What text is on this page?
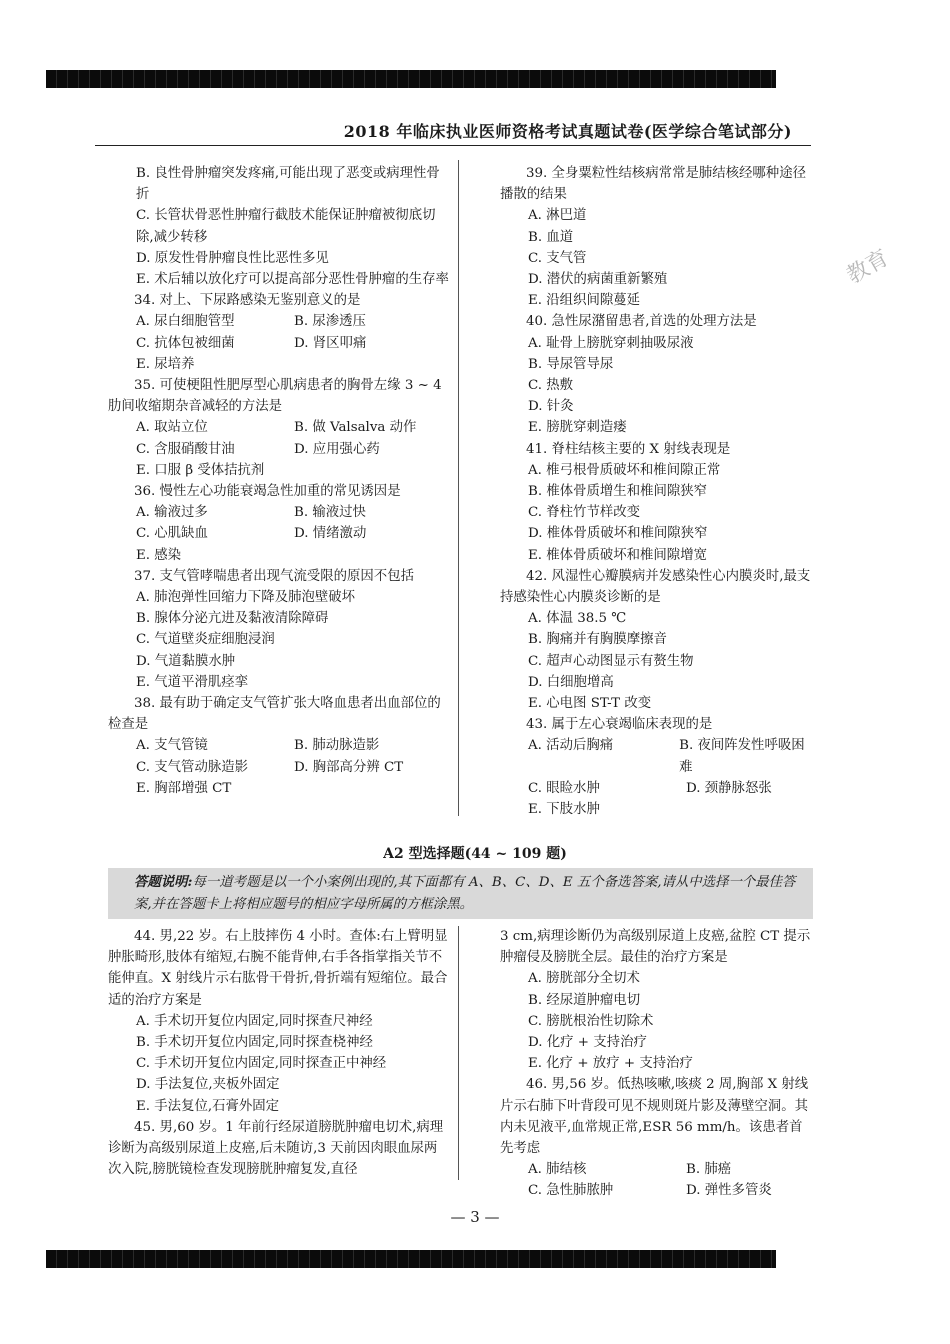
2018 年临床执业医师资格考试真题试卷(医学综合笔试部分)
教育
B. 良性骨肿瘤突发疼痛,可能出现了恶变或病理性骨折
C. 长管状骨恶性肿瘤行截肢术能保证肿瘤被彻底切除,减少转移
D. 原发性骨肿瘤良性比恶性多见
E. 术后辅以放化疗可以提高部分恶性骨肿瘤的生存率
34. 对上、下尿路感染无鉴别意义的是
A. 尿白细胞管型	B. 尿渗透压
C. 抗体包被细菌	D. 肾区叩痛
E. 尿培养
35. 可使梗阻性肥厚型心肌病患者的胸骨左缘 3 ~ 4 肋间收缩期杂音减轻的方法是
A. 取站立位	B. 做 Valsalva 动作
C. 含服硝酸甘油	D. 应用强心药
E. 口服 β 受体拮抗剂
36. 慢性左心功能衰竭急性加重的常见诱因是
A. 输液过多	B. 输液过快
C. 心肌缺血	D. 情绪激动
E. 感染
37. 支气管哮喘患者出现气流受限的原因不包括
A. 肺泡弹性回缩力下降及肺泡壁破坏
B. 腺体分泌亢进及黏液清除障碍
C. 气道壁炎症细胞浸润
D. 气道黏膜水肿
E. 气道平滑肌痉挛
38. 最有助于确定支气管扩张大咯血患者出血部位的检查是
A. 支气管镜	B. 肺动脉造影
C. 支气管动脉造影	D. 胸部高分辨 CT
E. 胸部增强 CT
39. 全身粟粒性结核病常常是肺结核经哪种途径播散的结果
A. 淋巴道
B. 血道
C. 支气管
D. 潜伏的病菌重新繁殖
E. 沿组织间隙蔓延
40. 急性尿潴留患者,首选的处理方法是
A. 耻骨上膀胱穿刺抽吸尿液
B. 导尿管导尿
C. 热敷
D. 针灸
E. 膀胱穿刺造瘘
41. 脊柱结核主要的 X 射线表现是
A. 椎弓根骨质破坏和椎间隙正常
B. 椎体骨质增生和椎间隙狭窄
C. 脊柱竹节样改变
D. 椎体骨质破坏和椎间隙狭窄
E. 椎体骨质破坏和椎间隙增宽
42. 风湿性心瓣膜病并发感染性心内膜炎时,最支持感染性心内膜炎诊断的是
A. 体温 38.5 ℃
B. 胸痛并有胸膜摩擦音
C. 超声心动图显示有赘生物
D. 白细胞增高
E. 心电图 ST-T 改变
43. 属于左心衰竭临床表现的是
A. 活动后胸痛	B. 夜间阵发性呼吸困难
C. 眼睑水肿	D. 颈静脉怒张
E. 下肢水肿
A2 型选择题(44 ~ 109 题)
答题说明:每一道考题是以一个小案例出现的,其下面都有 A、B、C、D、E 五个备选答案,请从中选择一个最佳答案,并在答题卡上将相应题号的相应字母所属的方框涂黑。
44. 男,22 岁。右上肢摔伤 4 小时。查体:右上臂明显肿胀畸形,肢体有缩短,右腕不能背伸,右手各指掌指关节不能伸直。X 射线片示右肱骨干骨折,骨折端有短缩位。最合适的治疗方案是
A. 手术切开复位内固定,同时探查尺神经
B. 手术切开复位内固定,同时探查桡神经
C. 手术切开复位内固定,同时探查正中神经
D. 手法复位,夹板外固定
E. 手法复位,石膏外固定
45. 男,60 岁。1 年前行经尿道膀胱肿瘤电切术,病理诊断为高级别尿道上皮癌,后未随访,3 天前因肉眼血尿两次入院,膀胱镜检查发现膀胱肿瘤复发,直径
3 cm,病理诊断仍为高级别尿道上皮癌,盆腔 CT 提示肿瘤侵及膀胱全层。最佳的治疗方案是
A. 膀胱部分全切术
B. 经尿道肿瘤电切
C. 膀胱根治性切除术
D. 化疗 + 支持治疗
E. 化疗 + 放疗 + 支持治疗
46. 男,56 岁。低热咳嗽,咳痰 2 周,胸部 X 射线片示右肺下叶背段可见不规则斑片影及薄壁空洞。其内未见液平,血常规正常,ESR 56 mm/h。该患者首先考虑
A. 肺结核	B. 肺癌
C. 急性肺脓肿	D. 弹性多管炎
— 3 —
